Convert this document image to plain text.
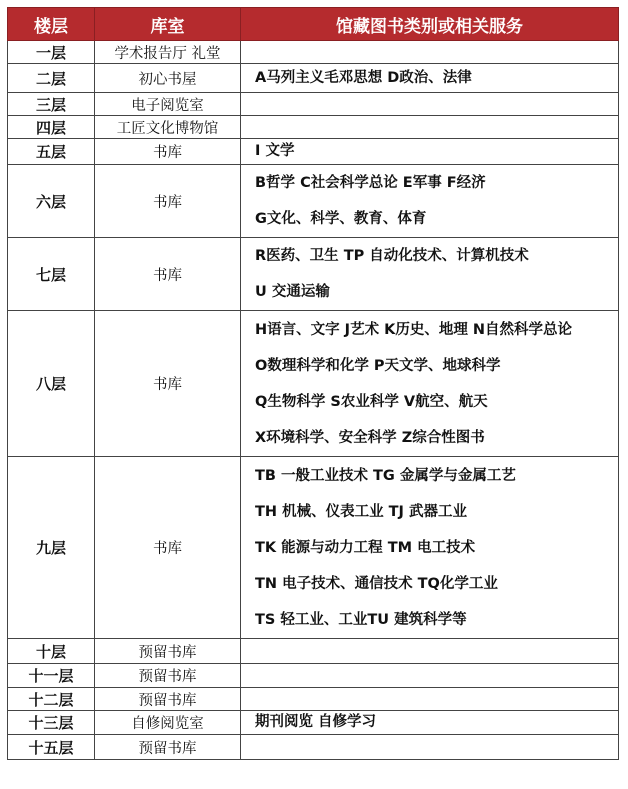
楼层	库室	馆藏图书类别或相关服务
一层	学术报告厅 礼堂	
二层	初心书屋	A马列主义毛邓思想 D政治、法律

三层	电子阅览室	
四层	工匠文化博物馆	
五层	书库	I 文学

六层	书库	B哲学 C社会科学总论 E军事 F经济
G文化、科学、教育、体育

七层	书库	R医药、卫生 TP 自动化技术、计算机技术
U 交通运输

八层	书库	H语言、文字 J艺术 K历史、地理 N自然科学总论
O数理科学和化学 P天文学、地球科学
Q生物科学 S农业科学 V航空、航天
X环境科学、安全科学 Z综合性图书

九层	书库	TB 一般工业技术 TG 金属学与金属工艺
TH 机械、仪表工业 TJ 武器工业
TK 能源与动力工程 TM 电工技术
TN 电子技术、通信技术 TQ化学工业
TS 轻工业、工业TU 建筑科学等

十层	预留书库	
十一层	预留书库	
十二层	预留书库	
十三层	自修阅览室	期刊阅览 自修学习

十五层	预留书库	
